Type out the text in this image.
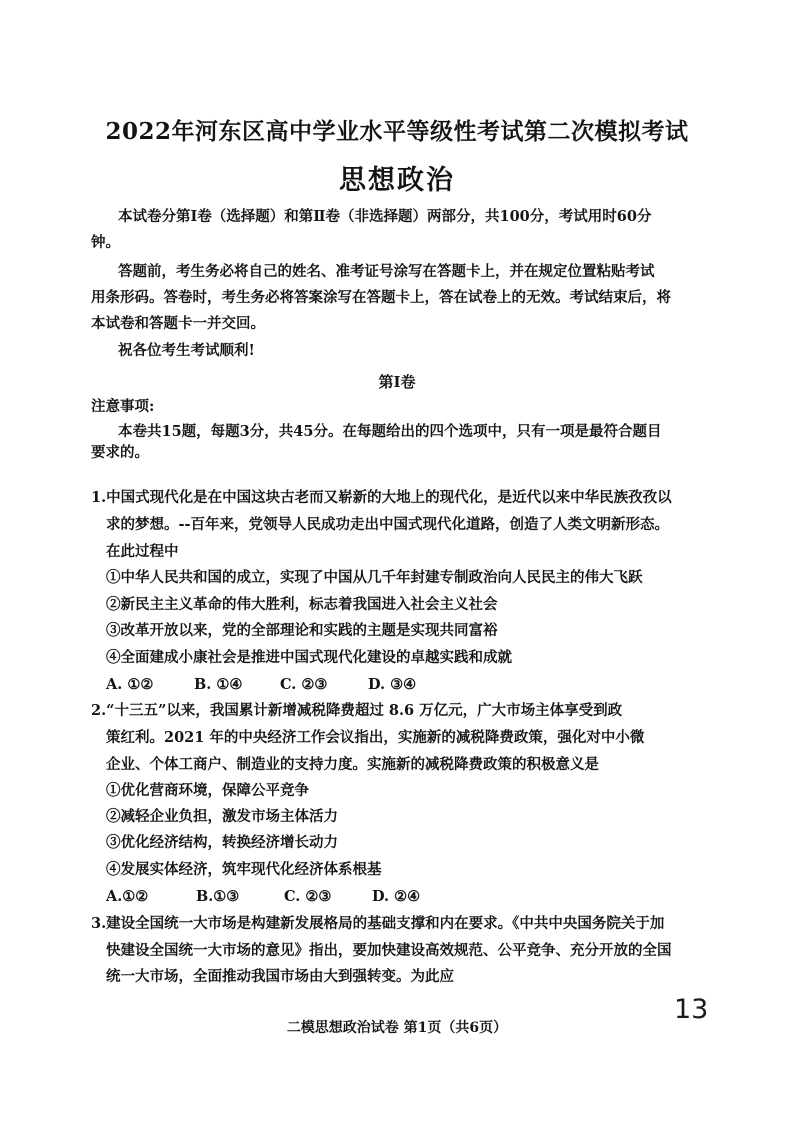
2022年河东区高中学业水平等级性考试第二次模拟考试
思想政治
本试卷分第Ⅰ卷（选择题）和第Ⅱ卷（非选择题）两部分，共100分，考试用时60分
钟。
答题前，考生务必将自己的姓名、准考证号涂写在答题卡上，并在规定位置粘贴考试
用条形码。答卷时，考生务必将答案涂写在答题卡上，答在试卷上的无效。考试结束后，将
本试卷和答题卡一并交回。
祝各位考生考试顺利!
第Ⅰ卷
注意事项:
本卷共15题，每题3分，共45分。在每题给出的四个选项中，只有一项是最符合题目
要求的。
1.中国式现代化是在中国这块古老而又崭新的大地上的现代化，是近代以来中华民族孜孜以
求的梦想。--百年来，党领导人民成功走出中国式现代化道路，创造了人类文明新形态。
在此过程中
①中华人民共和国的成立，实现了中国从几千年封建专制政治向人民民主的伟大飞跃
②新民主主义革命的伟大胜利，标志着我国进入社会主义社会
③改革开放以来，党的全部理论和实践的主题是实现共同富裕
④全面建成小康社会是推进中国式现代化建设的卓越实践和成就
A. ①②	B. ①④	C. ②③	D. ③④
2.“十三五”以来，我国累计新增减税降费超过 8.6 万亿元，广大市场主体享受到政
策红利。2021 年的中央经济工作会议指出，实施新的减税降费政策，强化对中小微
企业、个体工商户、制造业的支持力度。实施新的减税降费政策的积极意义是
①优化营商环境，保障公平竞争
②减轻企业负担，激发市场主体活力
③优化经济结构，转换经济增长动力
④发展实体经济，筑牢现代化经济体系根基
A.①②	B.①③	C. ②③	D. ②④
3.建设全国统一大市场是构建新发展格局的基础支撑和内在要求。《中共中央国务院关于加
快建设全国统一大市场的意见》指出，要加快建设高效规范、公平竞争、充分开放的全国
统一大市场，全面推动我国市场由大到强转变。为此应
13
二模思想政治试卷 第1页（共6页）
